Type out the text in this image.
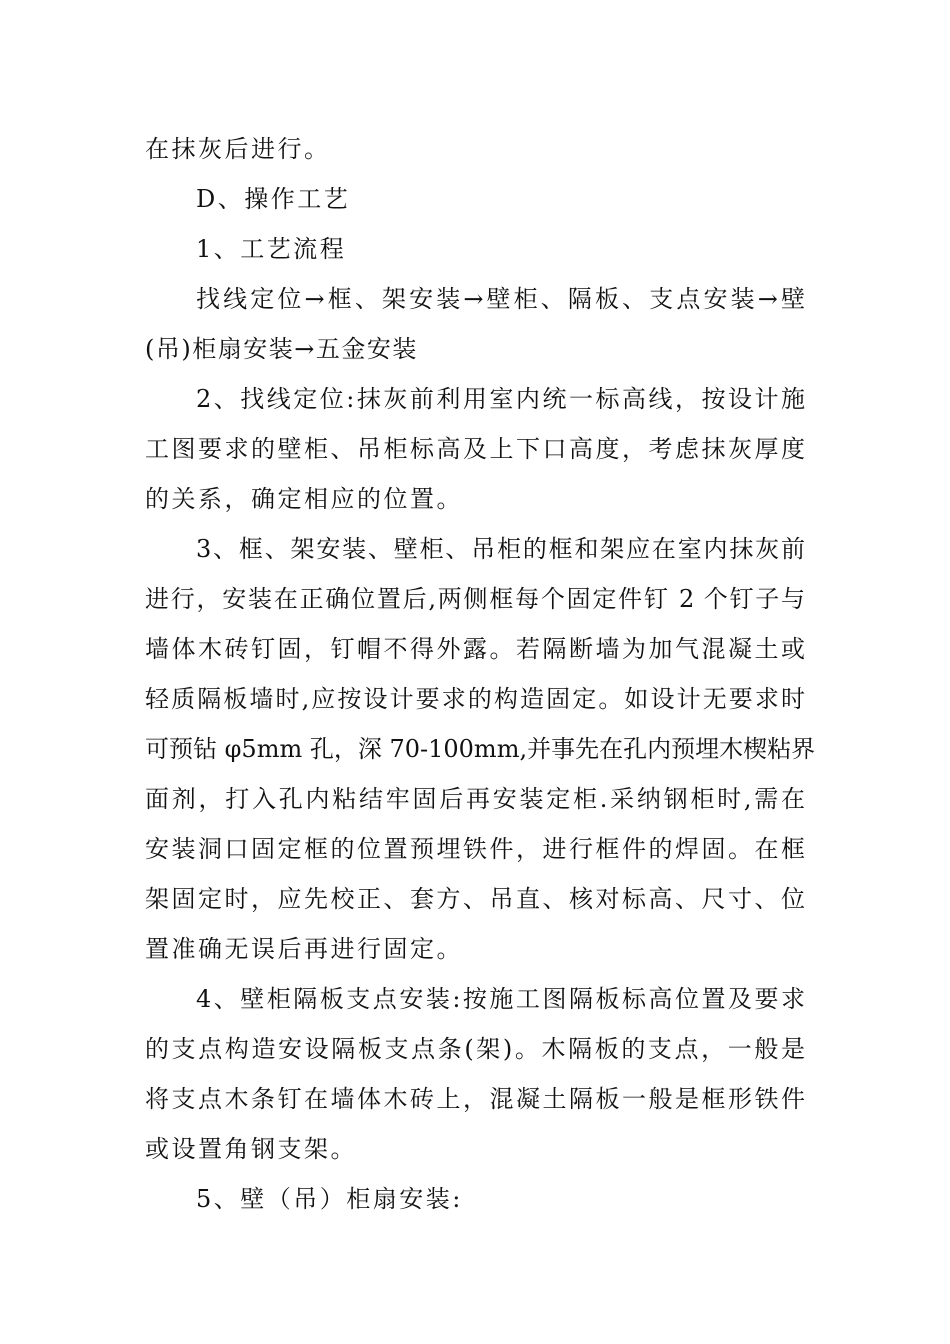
在抹灰后进行。
D、操作工艺
1、工艺流程
找线定位→框、架安装→壁柜、隔板、支点安装→壁
(吊)柜扇安装→五金安装
2、找线定位:抹灰前利用室内统一标高线，按设计施
工图要求的壁柜、吊柜标高及上下口高度，考虑抹灰厚度
的关系，确定相应的位置。
3、框、架安装、壁柜、吊柜的框和架应在室内抹灰前
进行，安装在正确位置后,两侧框每个固定件钉 2 个钉子与
墙体木砖钉固，钉帽不得外露。若隔断墙为加气混凝土或
轻质隔板墙时,应按设计要求的构造固定。如设计无要求时
可预钻 φ5mm 孔，深 70-100mm,并事先在孔内预埋木楔粘界
面剂，打入孔内粘结牢固后再安装定柜.采纳钢柜时,需在
安装洞口固定框的位置预埋铁件，进行框件的焊固。在框
架固定时，应先校正、套方、吊直、核对标高、尺寸、位
置准确无误后再进行固定。
4、壁柜隔板支点安装:按施工图隔板标高位置及要求
的支点构造安设隔板支点条(架)。木隔板的支点，一般是
将支点木条钉在墙体木砖上，混凝土隔板一般是框形铁件
或设置角钢支架。
5、壁（吊）柜扇安装:
